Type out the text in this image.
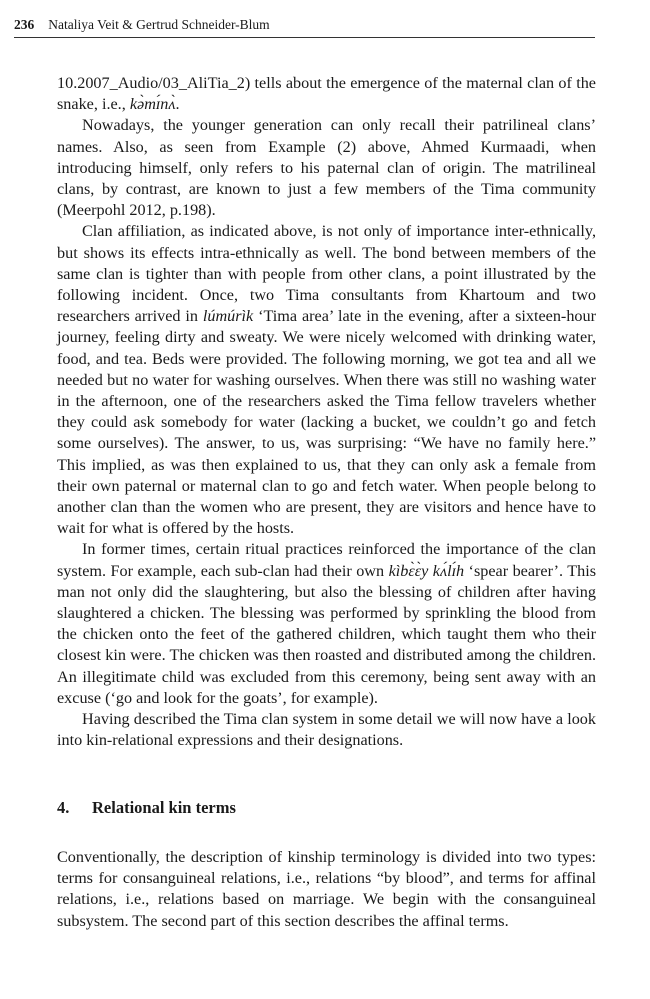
236 Nataliya Veit & Gertrud Schneider-Blum

10.2007_Audio/03_AliTia_2) tells about the emergence of the maternal clan of the snake, i.e., kə̀mɪ́nʌ̀.

Nowadays, the younger generation can only recall their patrilineal clans’ names. Also, as seen from Example (2) above, Ahmed Kurmaadi, when introducing himself, only refers to his paternal clan of origin. The matrilineal clans, by contrast, are known to just a few members of the Tima community (Meerpohl 2012, p.198).

Clan affiliation, as indicated above, is not only of importance inter-ethnically, but shows its effects intra-ethnically as well. The bond between members of the same clan is tighter than with people from other clans, a point illustrated by the following incident. Once, two Tima consultants from Khartoum and two researchers arrived in lúmúrìk ‘Tima area’ late in the evening, after a sixteen-hour journey, feeling dirty and sweaty. We were nicely welcomed with drinking water, food, and tea. Beds were provided. The following morning, we got tea and all we needed but no water for washing ourselves. When there was still no washing water in the afternoon, one of the researchers asked the Tima fellow travelers whether they could ask somebody for water (lacking a bucket, we couldn’t go and fetch some ourselves). The answer, to us, was surprising: “We have no family here.” This implied, as was then explained to us, that they can only ask a female from their own paternal or maternal clan to go and fetch water. When people belong to another clan than the women who are present, they are visitors and hence have to wait for what is offered by the hosts.

In former times, certain ritual practices reinforced the importance of the clan system. For example, each sub-clan had their own kìbɛ̀ɛ̀y kʌ́lɪ́h ‘spear bearer’. This man not only did the slaughtering, but also the blessing of children after having slaughtered a chicken. The blessing was performed by sprinkling the blood from the chicken onto the feet of the gathered children, which taught them who their closest kin were. The chicken was then roasted and distributed among the children. An illegitimate child was excluded from this ceremony, being sent away with an excuse (‘go and look for the goats’, for example).

Having described the Tima clan system in some detail we will now have a look into kin-relational expressions and their designations.

4. Relational kin terms

Conventionally, the description of kinship terminology is divided into two types: terms for consanguineal relations, i.e., relations “by blood”, and terms for affinal relations, i.e., relations based on marriage. We begin with the consanguineal subsystem. The second part of this section describes the affinal terms.
